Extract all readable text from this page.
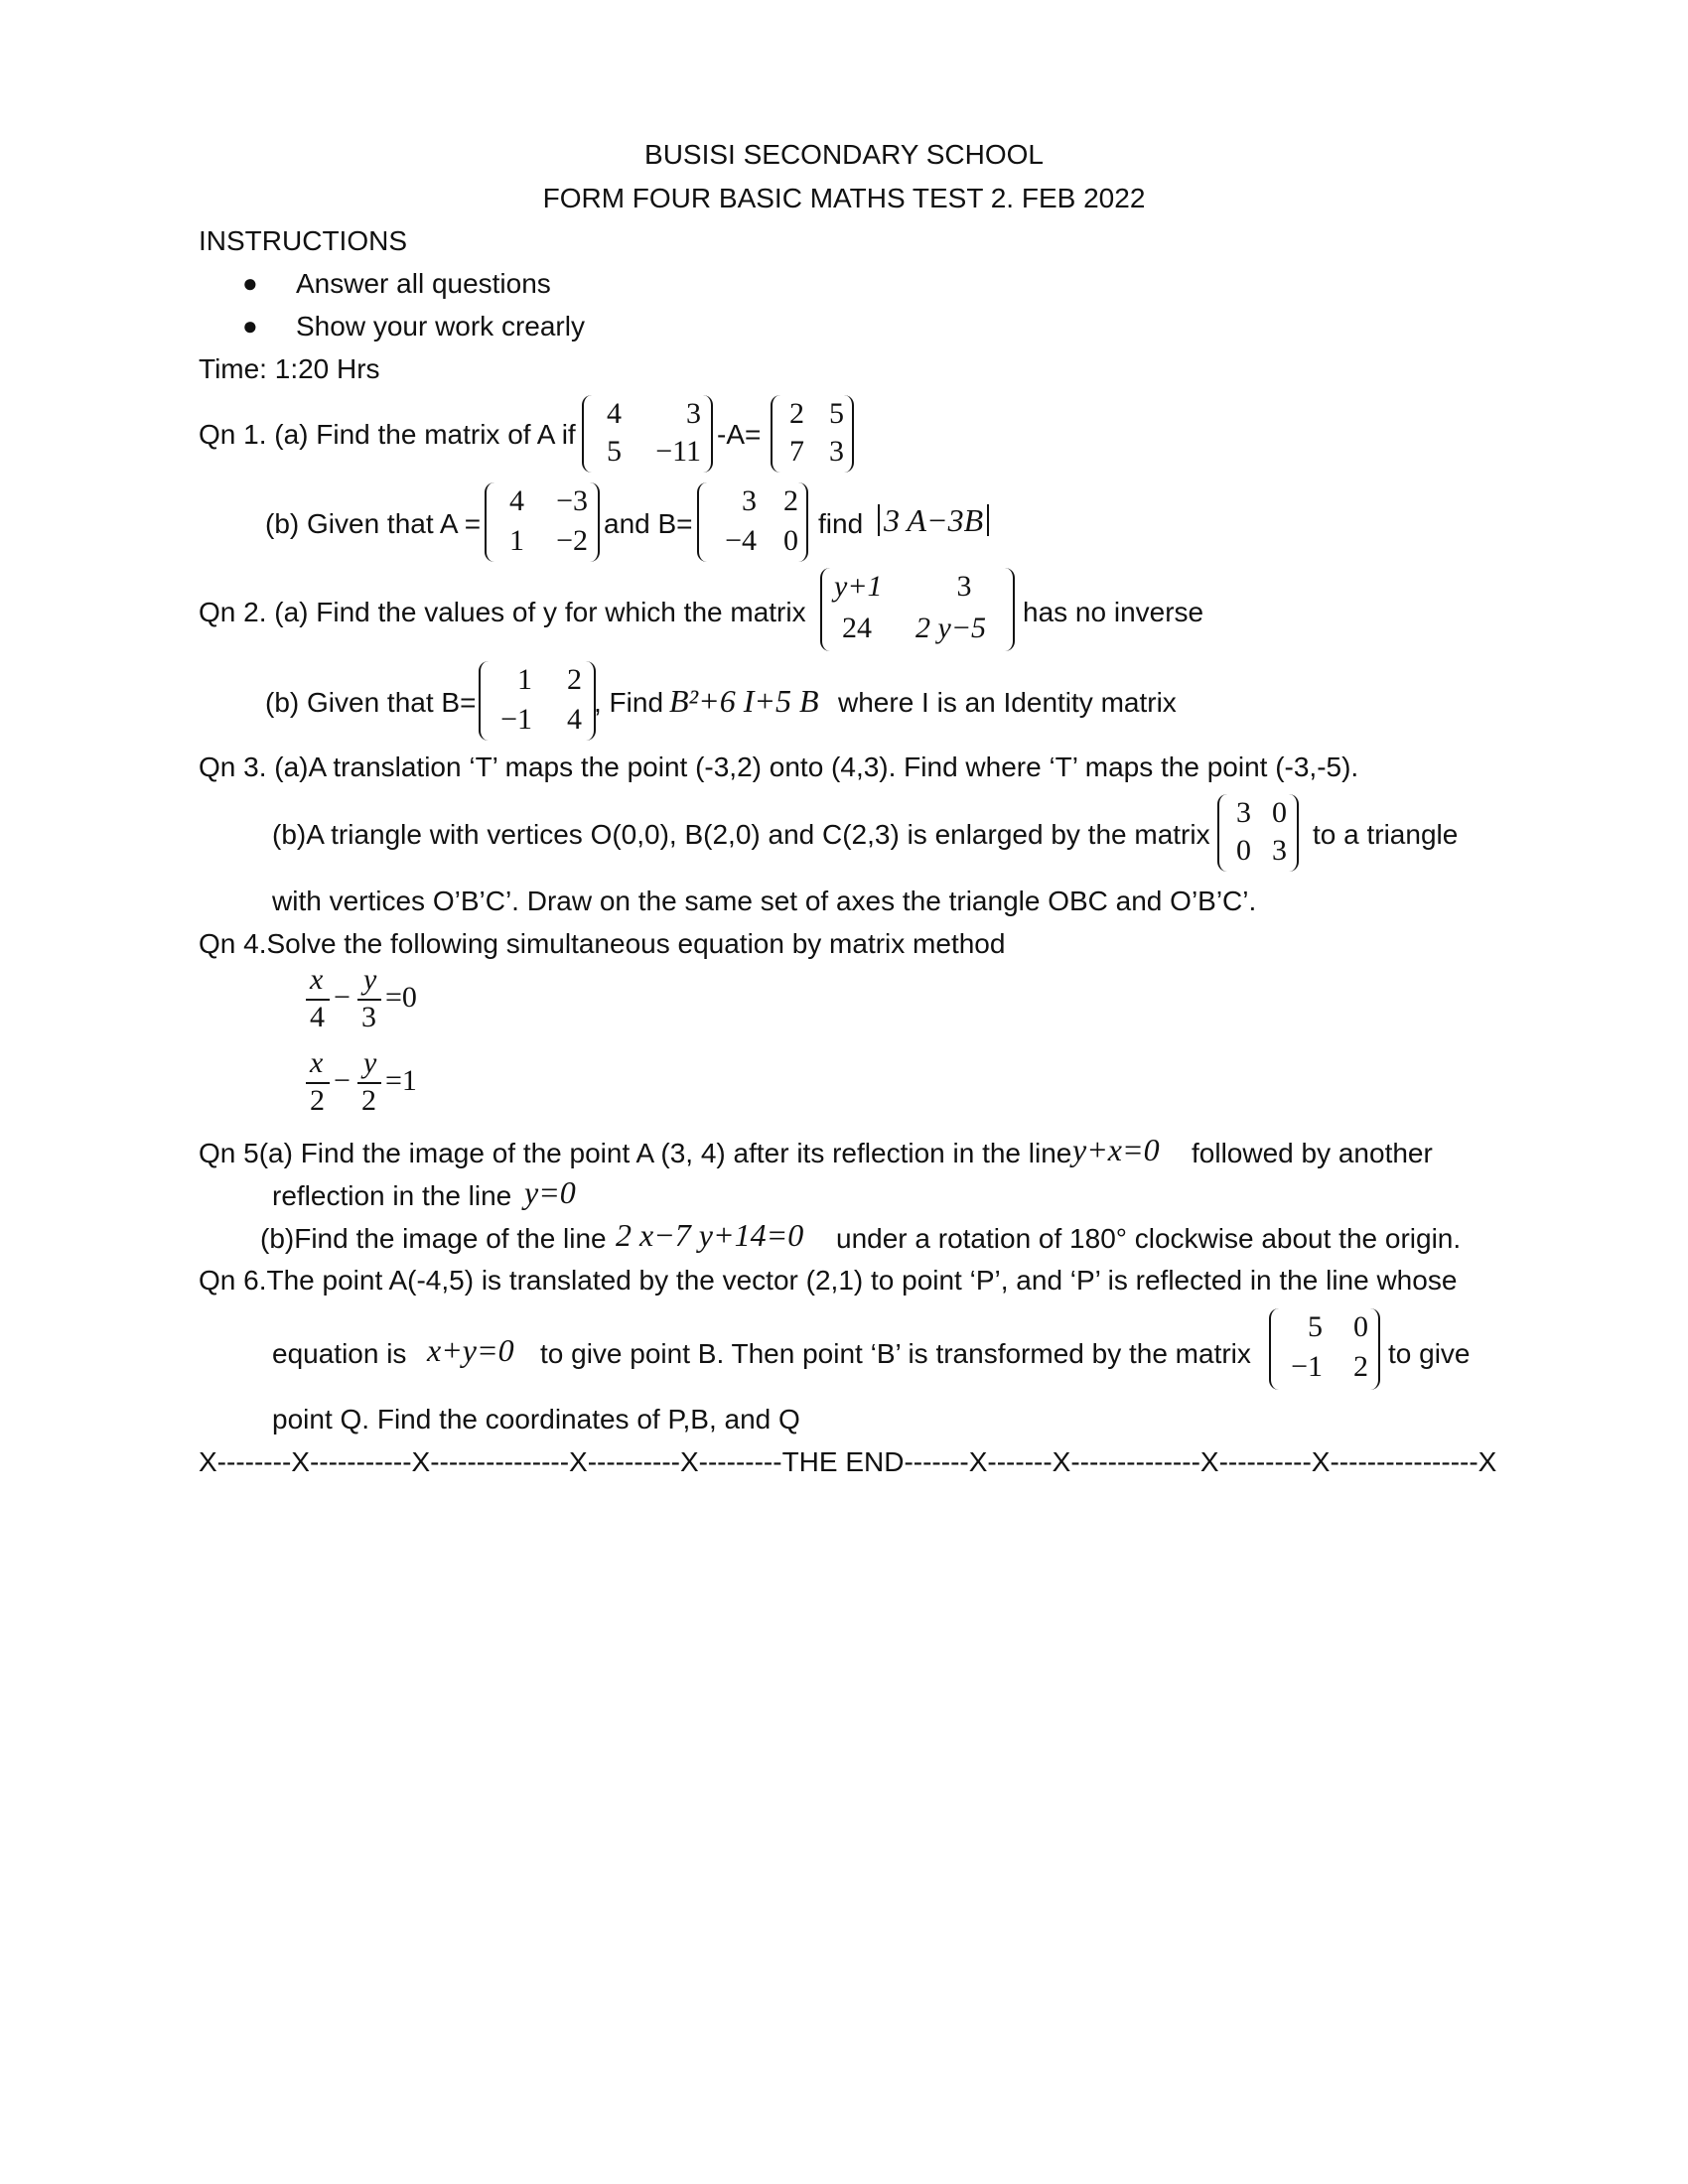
BUSISI SECONDARY SCHOOL
FORM FOUR BASIC MATHS TEST 2. FEB 2022
INSTRUCTIONS
● Answer all questions
● Show your work crearly
Time: 1:20 Hrs
Qn 1. (a) Find the matrix of A if
4	3
5	−11
-A=
2 5
7 3
(b) Given that A =
4	−3
1	−2
and B=
3 2
−4 0
find 3 A−3B
Qn 2. (a) Find the values of y for which the matrix
y+1	3
24	2 y−5	has no inverse
(b) Given that B=
1	2
−1	4
, Find B²+6 I+5 B where I is an Identity matrix
Qn 3. (a)A translation ‘T’ maps the point (-3,2) onto (4,3). Find where ‘T’ maps the point (-3,-5).
(b)A triangle with vertices O(0,0), B(2,0) and C(2,3) is enlarged by the matrix
3 0
0 3 to a triangle
with vertices O’B’C’. Draw on the same set of axes the triangle OBC and O’B’C’.
Qn 4.Solve the following simultaneous equation by matrix method
x
4
−
y
3
=0
x
2
−
y
2
=1
Qn 5(a) Find the image of the point A (3, 4) after its reflection in the line y+x=0 followed by another
reflection in the line y=0
(b)Find the image of the line 2 x−7 y+14=0 under a rotation of 180° clockwise about the origin.
Qn 6.The point A(-4,5) is translated by the vector (2,1) to point ‘P’, and ‘P’ is reflected in the line whose
equation is x+y=0 to give point B. Then point ‘B’ is transformed by the matrix
5	0
−1	2 to give
point Q. Find the coordinates of P,B, and Q
X--------X-----------X---------------X----------X---------THE END-------X-------X--------------X----------X----------------X
